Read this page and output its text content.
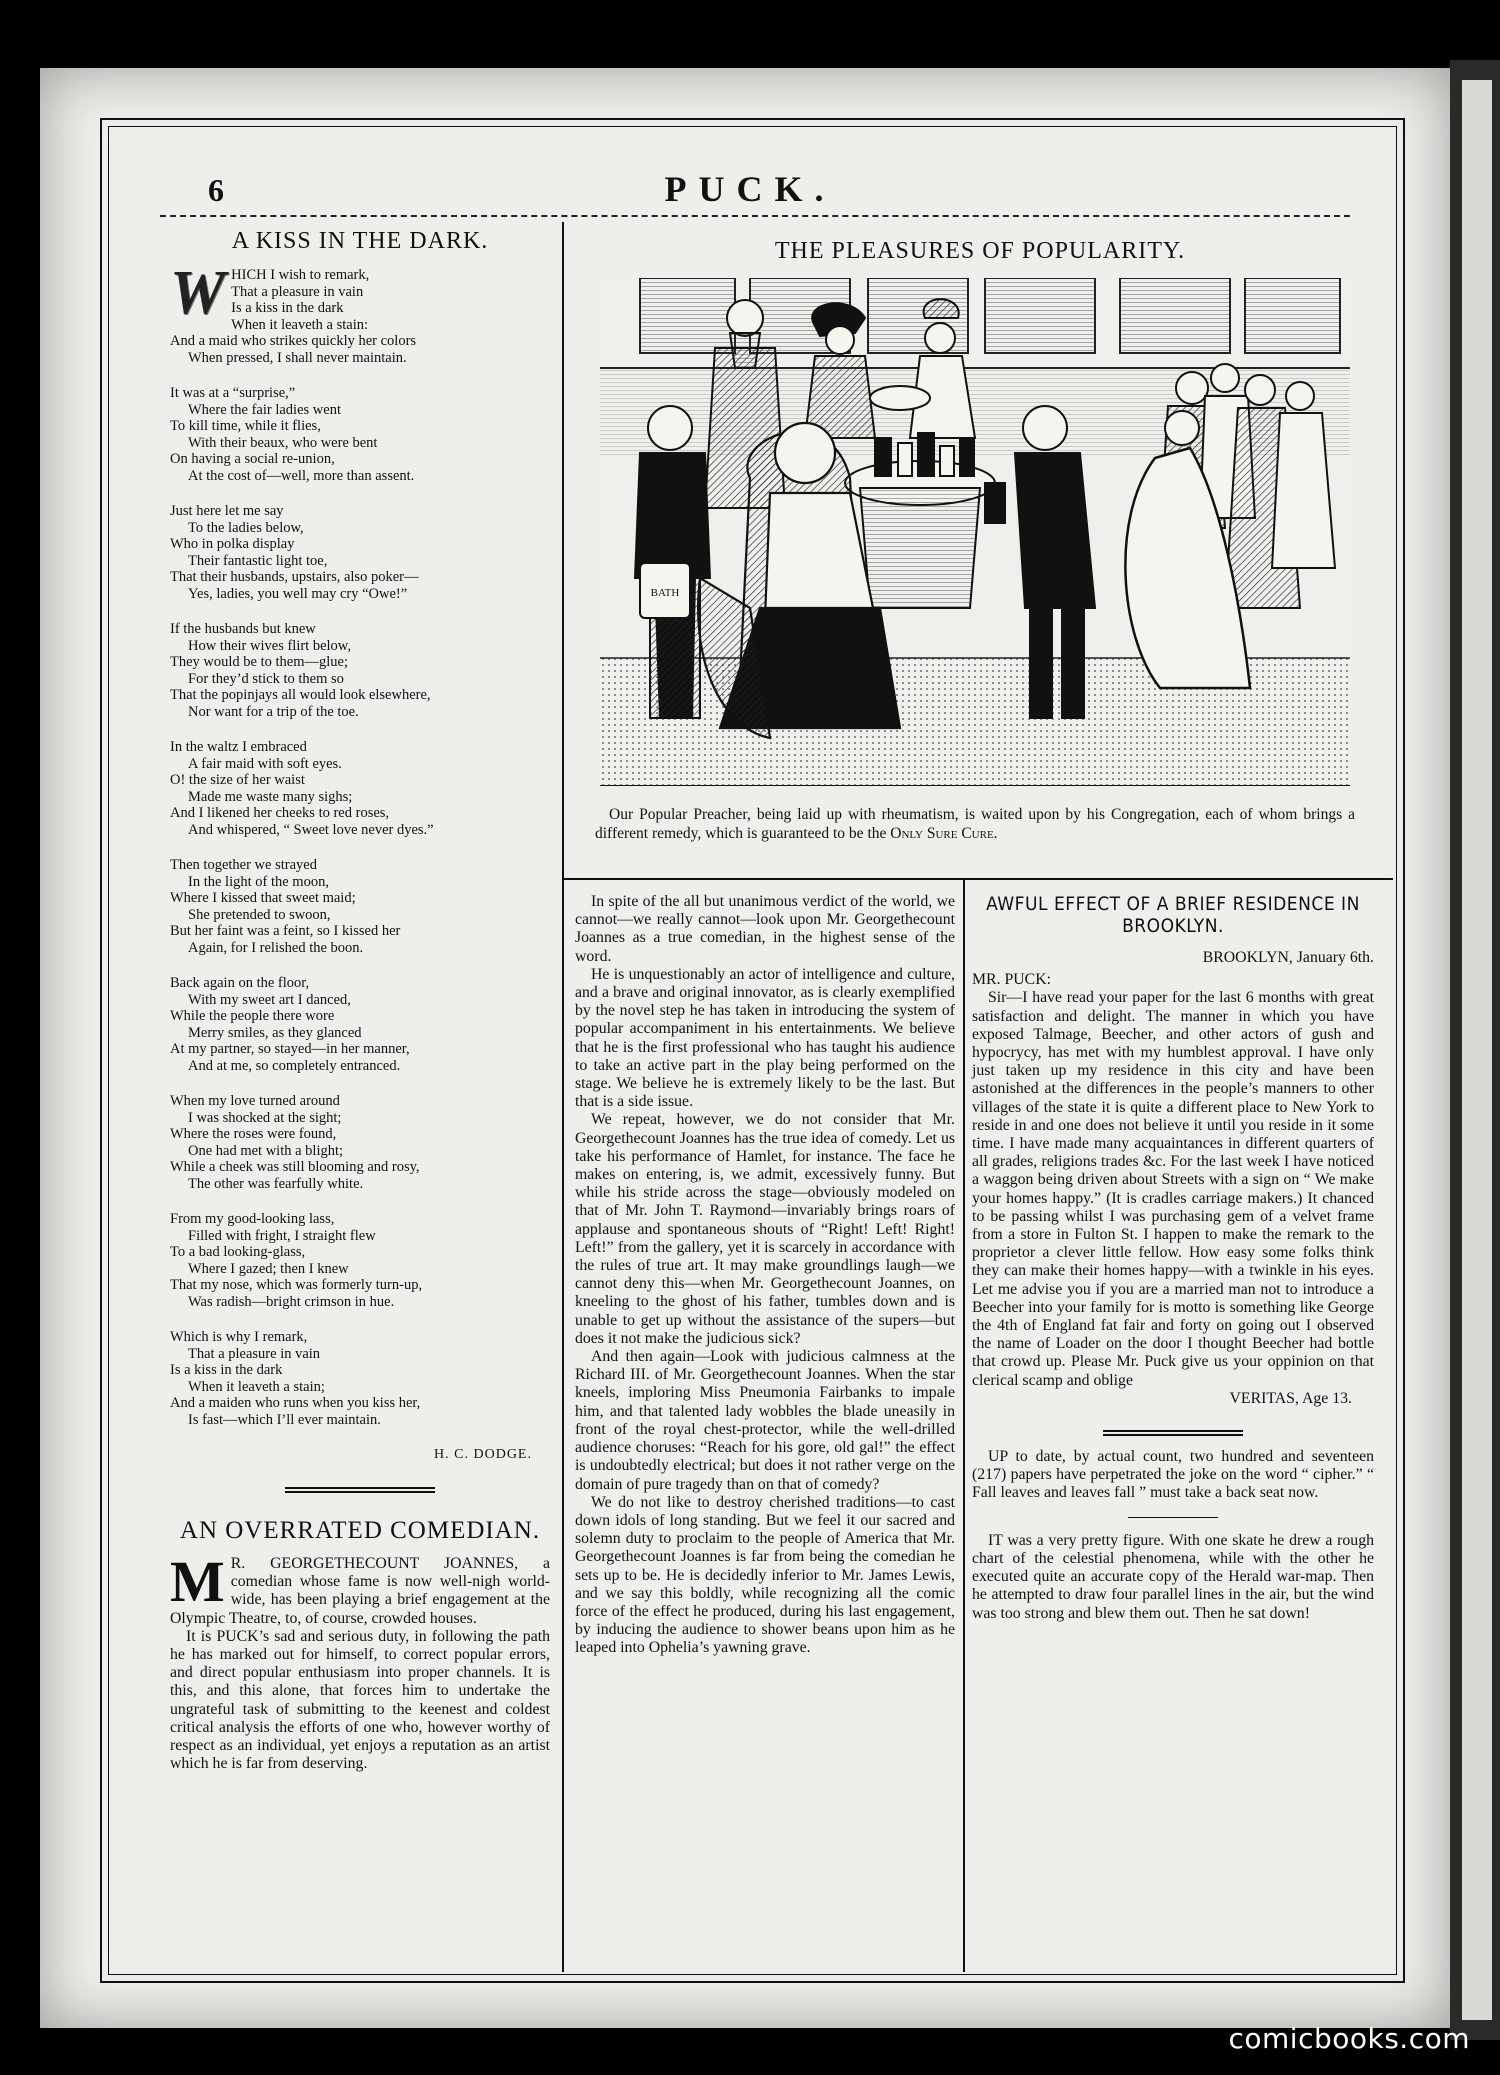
6	PUCK.
A KISS IN THE DARK.
W HICH I wish to remark,

That a pleasure in vain

Is a kiss in the dark

When it leaveth a stain:

And a maid who strikes quickly her colors

When pressed, I shall never maintain.

It was at a “surprise,”

Where the fair ladies went

To kill time, while it flies,

With their beaux, who were bent

On having a social re-union,

At the cost of—well, more than assent.

Just here let me say

To the ladies below,

Who in polka display

Their fantastic light toe,

That their husbands, upstairs, also poker—

Yes, ladies, you well may cry “Owe!”

If the husbands but knew

How their wives flirt below,

They would be to them—glue;

For they’d stick to them so

That the popinjays all would look elsewhere,

Nor want for a trip of the toe.

In the waltz I embraced

A fair maid with soft eyes.

O! the size of her waist

Made me waste many sighs;

And I likened her cheeks to red roses,

And whispered, “ Sweet love never dyes.”

Then together we strayed

In the light of the moon,

Where I kissed that sweet maid;

She pretended to swoon,

But her faint was a feint, so I kissed her

Again, for I relished the boon.

Back again on the floor,

With my sweet art I danced,

While the people there wore

Merry smiles, as they glanced

At my partner, so stayed—in her manner,

And at me, so completely entranced.

When my love turned around

I was shocked at the sight;

Where the roses were found,

One had met with a blight;

While a cheek was still blooming and rosy,

The other was fearfully white.

From my good-looking lass,

Filled with fright, I straight flew

To a bad looking-glass,

Where I gazed; then I knew

That my nose, which was formerly turn-up,

Was radish—bright crimson in hue.

Which is why I remark,

That a pleasure in vain

Is a kiss in the dark

When it leaveth a stain;

And a maiden who runs when you kiss her,

Is fast—which I’ll ever maintain.

H. C. DODGE.
AN OVERRATED COMEDIAN.

M R. GEORGETHECOUNT JOANNES, a comedian whose fame is now well-nigh world-wide, has been playing a brief engagement at the Olympic Theatre, to, of course, crowded houses.

It is PUCK’s sad and serious duty, in following the path he has marked out for himself, to correct popular errors, and direct popular enthusiasm into proper channels. It is this, and this alone, that forces him to undertake the ungrateful task of submitting to the keenest and coldest critical analysis the efforts of one who, however worthy of respect as an individual, yet enjoys a reputation as an artist which he is far from deserving.

THE PLEASURES OF POPULARITY.
BATH
Our Popular Preacher, being laid up with rheumatism, is waited upon by his Congregation, each of whom brings a different remedy, which is guaranteed to be the Only Sure Cure.

In spite of the all but unanimous verdict of the world, we cannot—we really cannot—look upon Mr. Georgethecount Joannes as a true comedian, in the highest sense of the word.

He is unquestionably an actor of intelligence and culture, and a brave and original innovator, as is clearly exemplified by the novel step he has taken in introducing the system of popular accompaniment in his entertainments. We believe that he is the first professional who has taught his audience to take an active part in the play being performed on the stage. We believe he is extremely likely to be the last. But that is a side issue.

We repeat, however, we do not consider that Mr. Georgethecount Joannes has the true idea of comedy. Let us take his performance of Hamlet, for instance. The face he makes on entering, is, we admit, excessively funny. But while his stride across the stage—obviously modeled on that of Mr. John T. Raymond—invariably brings roars of applause and spontaneous shouts of “Right! Left! Right! Left!” from the gallery, yet it is scarcely in accordance with the rules of true art. It may make groundlings laugh—we cannot deny this—when Mr. Georgethecount Joannes, on kneeling to the ghost of his father, tumbles down and is unable to get up without the assistance of the supers—but does it not make the judicious sick?

And then again—Look with judicious calmness at the Richard III. of Mr. Georgethecount Joannes. When the star kneels, imploring Miss Pneumonia Fairbanks to impale him, and that talented lady wobbles the blade uneasily in front of the royal chest-protector, while the well-drilled audience choruses: “Reach for his gore, old gal!” the effect is undoubtedly electrical; but does it not rather verge on the domain of pure tragedy than on that of comedy?

We do not like to destroy cherished traditions—to cast down idols of long standing. But we feel it our sacred and solemn duty to proclaim to the people of America that Mr. Georgethecount Joannes is far from being the comedian he sets up to be. He is decidedly inferior to Mr. James Lewis, and we say this boldly, while recognizing all the comic force of the effect he produced, during his last engagement, by inducing the audience to shower beans upon him as he leaped into Ophelia’s yawning grave.

AWFUL EFFECT OF A BRIEF RESIDENCE IN BROOKLYN.

BROOKLYN, January 6th.

MR. PUCK:

Sir—I have read your paper for the last 6 months with great satisfaction and delight. The manner in which you have exposed Talmage, Beecher, and other actors of gush and hypocrycy, has met with my humblest approval. I have only just taken up my residence in this city and have been astonished at the differences in the people’s manners to other villages of the state it is quite a different place to New York to reside in and one does not believe it until you reside in it some time. I have made many acquaintances in different quarters of all grades, religions trades &c. For the last week I have noticed a waggon being driven about Streets with a sign on “ We make your homes happy.” (It is cradles carriage makers.) It chanced to be passing whilst I was purchasing gem of a velvet frame from a store in Fulton St. I happen to make the remark to the proprietor a clever little fellow. How easy some folks think they can make their homes happy—with a twinkle in his eyes. Let me advise you if you are a married man not to introduce a Beecher into your family for is motto is something like George the 4th of England fat fair and forty on going out I observed the name of Loader on the door I thought Beecher had bottle that crowd up. Please Mr. Puck give us your oppinion on that clerical scamp and oblige

VERITAS, Age 13.

UP to date, by actual count, two hundred and seventeen (217) papers have perpetrated the joke on the word “ cipher.” “ Fall leaves and leaves fall ” must take a back seat now.

IT was a very pretty figure. With one skate he drew a rough chart of the celestial phenomena, while with the other he executed quite an accurate copy of the Herald war-map. Then he attempted to draw four parallel lines in the air, but the wind was too strong and blew them out. Then he sat down!

comicbooks.com
